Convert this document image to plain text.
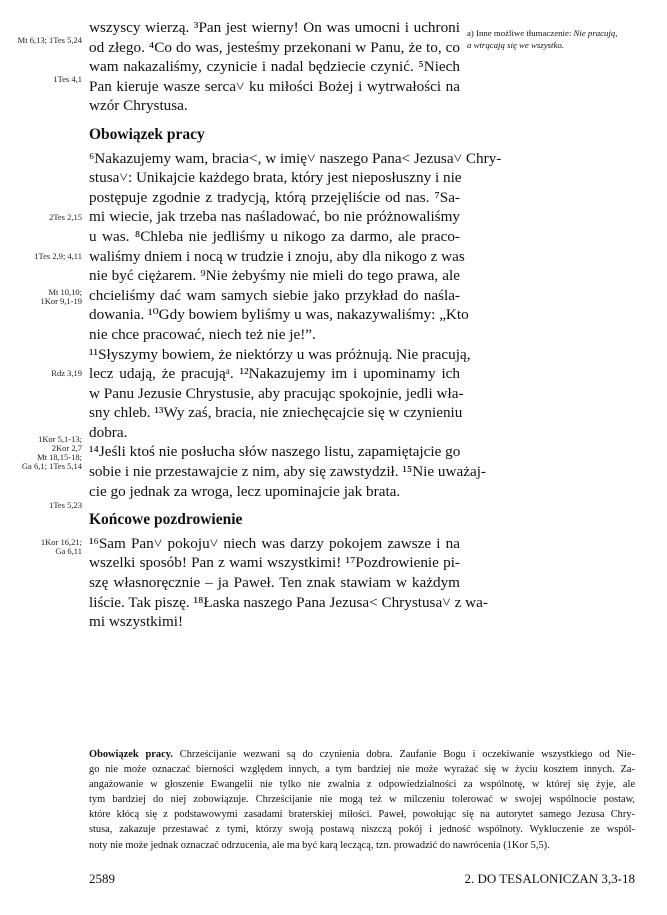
Mt 6,13; 1Tes 5,24
1Tes 4,1
2Tes 2,15
1Tes 2,9; 4,11
Mt 10,10;
1Kor 9,1-19
Rdz 3,19
1Kor 5,1-13;
2Kor 2,7
Mt 18,15-18;
Ga 6,1; 1Tes 5,14
1Tes 5,23
1Kor 16,21;
Ga 6,11
wszyscy wierzą. ³Pan jest wierny! On was umocni i uchroni
od złego. ⁴Co do was, jesteśmy przekonani w Panu, że to, co
wam nakazaliśmy, czynicie i nadal będziecie czynić. ⁵Niech
Pan kieruje wasze serca˅ ku miłości Bożej i wytrwałości na
wzór Chrystusa.
Obowiązek pracy
⁶Nakazujemy wam, bracia˂, w imię˅ naszego Pana˂ Jezusa˅ Chry-
stusa˅: Unikajcie każdego brata, który jest nieposłuszny i nie
postępuje zgodnie z tradycją, którą przejęliście od nas. ⁷Sa-
mi wiecie, jak trzeba nas naśladować, bo nie próżnowaliśmy
u was. ⁸Chleba nie jedliśmy u nikogo za darmo, ale praco-
waliśmy dniem i nocą w trudzie i znoju, aby dla nikogo z was
nie być ciężarem. ⁹Nie żebyśmy nie mieli do tego prawa, ale
chcieliśmy dać wam samych siebie jako przykład do naśla-
dowania. ¹⁰Gdy bowiem byliśmy u was, nakazywaliśmy: „Kto
nie chce pracować, niech też nie je!”.
¹¹Słyszymy bowiem, że niektórzy u was próżnują. Nie pracują,
lecz udają, że pracująᵃ. ¹²Nakazujemy im i upominamy ich
w Panu Jezusie Chrystusie, aby pracując spokojnie, jedli wła-
sny chleb. ¹³Wy zaś, bracia, nie zniechęcajcie się w czynieniu
dobra.
¹⁴Jeśli ktoś nie posłucha słów naszego listu, zapamiętajcie go
sobie i nie przestawajcie z nim, aby się zawstydził. ¹⁵Nie uważaj-
cie go jednak za wroga, lecz upominajcie jak brata.
Końcowe pozdrowienie
¹⁶Sam Pan˅ pokoju˅ niech was darzy pokojem zawsze i na
wszelki sposób! Pan z wami wszystkimi! ¹⁷Pozdrowienie pi-
szę własnoręcznie – ja Paweł. Ten znak stawiam w każdym
liście. Tak piszę. ¹⁸Łaska naszego Pana Jezusa˂ Chrystusa˅ z wa-
mi wszystkimi!
a) Inne możliwe tłumaczenie: Nie pracują,
a wtrącają się we wszystko.
Obowiązek pracy. Chrześcijanie wezwani są do czynienia dobra. Zaufanie Bogu i oczekiwanie wszystkiego od Nie-
go nie może oznaczać bierności względem innych, a tym bardziej nie może wyrażać się w życiu kosztem innych. Za-
angażowanie w głoszenie Ewangelii nie tylko nie zwalnia z odpowiedzialności za wspólnotę, w której się żyje, ale
tym bardziej do niej zobowiązuje. Chrześcijanie nie mogą też w milczeniu tolerować w swojej wspólnocie postaw,
które kłócą się z podstawowymi zasadami braterskiej miłości. Paweł, powołując się na autorytet samego Jezusa Chry-
stusa, zakazuje przestawać z tymi, którzy swoją postawą niszczą pokój i jedność wspólnoty. Wykluczenie ze wspól-
noty nie może jednak oznaczać odrzucenia, ale ma być karą leczącą, tzn. prowadzić do nawrócenia (1Kor 5,5).
2589	2. DO TESALONICZAN 3,3-18
